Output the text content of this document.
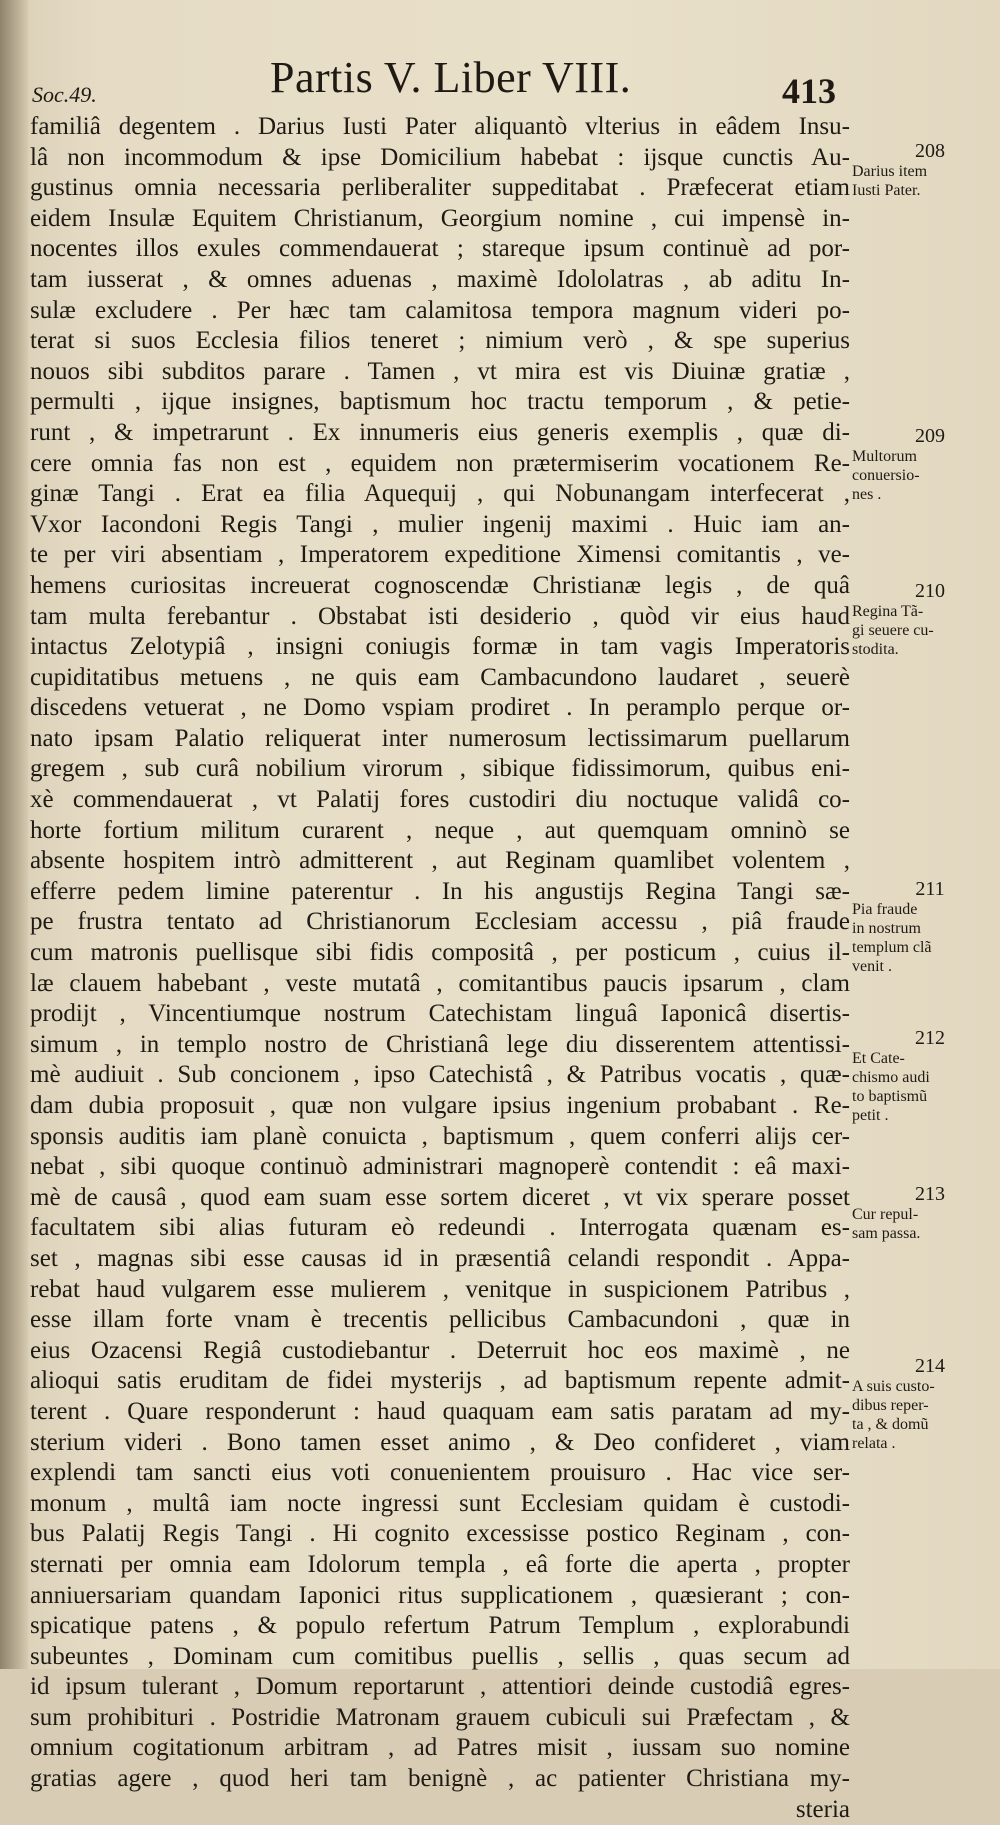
Soc.49.	Partis V. Liber VIII.	413
familiâ degentem . Darius Iusti Pater aliquantò vlterius in eâdem Insu-
lâ non incommodum & ipse Domicilium habebat : ijsque cunctis Au-
gustinus omnia necessaria perliberaliter suppeditabat . Præfecerat etiam
eidem Insulæ Equitem Christianum, Georgium nomine , cui impensè in-
nocentes illos exules commendauerat ; stareque ipsum continuè ad por-
tam iusserat , & omnes aduenas , maximè Idololatras , ab aditu In-
sulæ excludere . Per hæc tam calamitosa tempora magnum videri po-
terat si suos Ecclesia filios teneret ; nimium verò , & spe superius
nouos sibi subditos parare . Tamen , vt mira est vis Diuinæ gratiæ ,
permulti , ijque insignes, baptismum hoc tractu temporum , & petie-
runt , & impetrarunt . Ex innumeris eius generis exemplis , quæ di-
cere omnia fas non est , equidem non prætermiserim vocationem Re-
ginæ Tangi . Erat ea filia Aquequij , qui Nobunangam interfecerat ,
Vxor Iacondoni Regis Tangi , mulier ingenij maximi . Huic iam an-
te per viri absentiam , Imperatorem expeditione Ximensi comitantis , ve-
hemens curiositas increuerat cognoscendæ Christianæ legis , de quâ
tam multa ferebantur . Obstabat isti desiderio , quòd vir eius haud
intactus Zelotypiâ , insigni coniugis formæ in tam vagis Imperatoris
cupiditatibus metuens , ne quis eam Cambacundono laudaret , seuerè
discedens vetuerat , ne Domo vspiam prodiret . In peramplo perque or-
nato ipsam Palatio reliquerat inter numerosum lectissimarum puellarum
gregem , sub curâ nobilium virorum , sibique fidissimorum, quibus eni-
xè commendauerat , vt Palatij fores custodiri diu noctuque validâ co-
horte fortium militum curarent , neque , aut quemquam omninò se
absente hospitem intrò admitterent , aut Reginam quamlibet volentem ,
efferre pedem limine paterentur . In his angustijs Regina Tangi sæ-
pe frustra tentato ad Christianorum Ecclesiam accessu , piâ fraude
cum matronis puellisque sibi fidis compositâ , per posticum , cuius il-
læ clauem habebant , veste mutatâ , comitantibus paucis ipsarum , clam
prodijt , Vincentiumque nostrum Catechistam linguâ Iaponicâ disertis-
simum , in templo nostro de Christianâ lege diu disserentem attentissi-
mè audiuit . Sub concionem , ipso Catechistâ , & Patribus vocatis , quæ-
dam dubia proposuit , quæ non vulgare ipsius ingenium probabant . Re-
sponsis auditis iam planè conuicta , baptismum , quem conferri alijs cer-
nebat , sibi quoque continuò administrari magnoperè contendit : eâ maxi-
mè de causâ , quod eam suam esse sortem diceret , vt vix sperare posset
facultatem sibi alias futuram eò redeundi . Interrogata quænam es-
set , magnas sibi esse causas id in præsentiâ celandi respondit . Appa-
rebat haud vulgarem esse mulierem , venitque in suspicionem Patribus ,
esse illam forte vnam è trecentis pellicibus Cambacundoni , quæ in
eius Ozacensi Regiâ custodiebantur . Deterruit hoc eos maximè , ne
alioqui satis eruditam de fidei mysterijs , ad baptismum repente admit-
terent . Quare responderunt : haud quaquam eam satis paratam ad my-
sterium videri . Bono tamen esset animo , & Deo confideret , viam
explendi tam sancti eius voti conuenientem prouisuro . Hac vice ser-
monum , multâ iam nocte ingressi sunt Ecclesiam quidam è custodi-
bus Palatij Regis Tangi . Hi cognito excessisse postico Reginam , con-
sternati per omnia eam Idolorum templa , eâ forte die aperta , propter
anniuersariam quandam Iaponici ritus supplicationem , quæsierant ; con-
spicatique patens , & populo refertum Patrum Templum , explorabundi
subeuntes , Dominam cum comitibus puellis , sellis , quas secum ad
id ipsum tulerant , Domum reportarunt , attentiori deinde custodiâ egres-
sum prohibituri . Postridie Matronam grauem cubiculi sui Præfectam , &
omnium cogitationum arbitram , ad Patres misit , iussam suo nomine
gratias agere , quod heri tam benignè , ac patienter Christiana my-
steria
208
Darius item
Iusti Pater.
209
Multorum
conuersio-
nes .
210
Regina Tã-
gi seuere cu-
stodita.
211
Pia fraude
in nostrum
templum clã
venit .
212
Et Cate-
chismo audi
to baptismũ
petit .
213
Cur repul-
sam passa.
214
A suis custo-
dibus reper-
ta , & domũ
relata .
